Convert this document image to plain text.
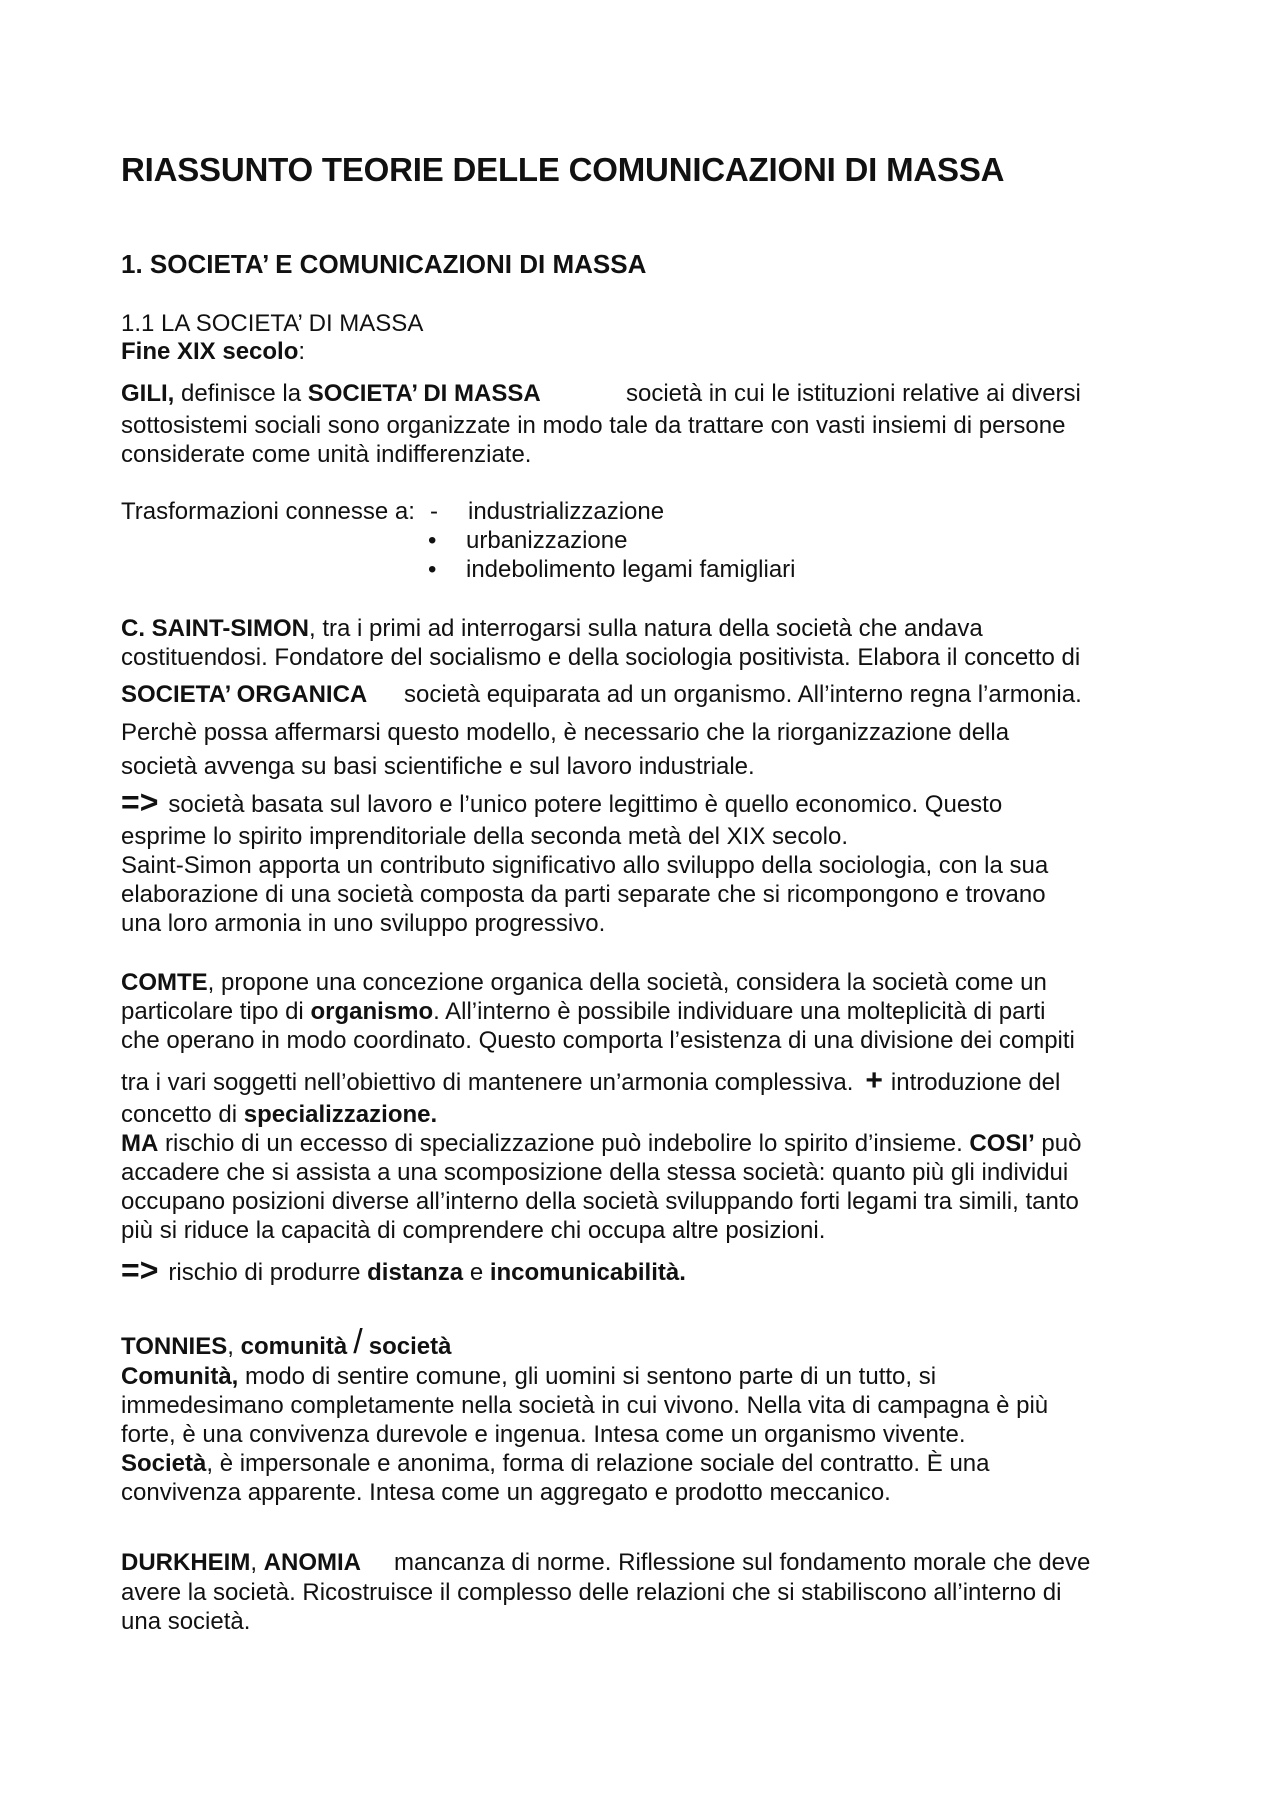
RIASSUNTO TEORIE DELLE COMUNICAZIONI DI MASSA
1. SOCIETA’ E COMUNICAZIONI DI MASSA
1.1 LA SOCIETA’ DI MASSA
Fine XIX secolo:
GILI, definisce la SOCIETA’ DI MASSA	società in cui le istituzioni relative ai diversi
sottosistemi sociali sono organizzate in modo tale da trattare con vasti insiemi di persone
considerate come unità indifferenziate.
Trasformazioni connesse a: - industrializzazione
• urbanizzazione
• indebolimento legami famigliari
C. SAINT-SIMON, tra i primi ad interrogarsi sulla natura della società che andava
costituendosi. Fondatore del socialismo e della sociologia positivista. Elabora il concetto di
SOCIETA’ ORGANICA società equiparata ad un organismo. All’interno regna l’armonia.
Perchè possa affermarsi questo modello, è necessario che la riorganizzazione della
società avvenga su basi scientifiche e sul lavoro industriale.
=> società basata sul lavoro e l’unico potere legittimo è quello economico. Questo
esprime lo spirito imprenditoriale della seconda metà del XIX secolo.
Saint-Simon apporta un contributo significativo allo sviluppo della sociologia, con la sua
elaborazione di una società composta da parti separate che si ricompongono e trovano
una loro armonia in uno sviluppo progressivo.
COMTE, propone una concezione organica della società, considera la società come un
particolare tipo di organismo. All’interno è possibile individuare una molteplicità di parti
che operano in modo coordinato. Questo comporta l’esistenza di una divisione dei compiti
tra i vari soggetti nell’obiettivo di mantenere un’armonia complessiva. + introduzione del
concetto di specializzazione.
MA rischio di un eccesso di specializzazione può indebolire lo spirito d’insieme. COSI’ può
accadere che si assista a una scomposizione della stessa società: quanto più gli individui
occupano posizioni diverse all’interno della società sviluppando forti legami tra simili, tanto
più si riduce la capacità di comprendere chi occupa altre posizioni.
=> rischio di produrre distanza e incomunicabilità.
TONNIES, comunità / società
Comunità, modo di sentire comune, gli uomini si sentono parte di un tutto, si
immedesimano completamente nella società in cui vivono. Nella vita di campagna è più
forte, è una convivenza durevole e ingenua. Intesa come un organismo vivente.
Società, è impersonale e anonima, forma di relazione sociale del contratto. È una
convivenza apparente. Intesa come un aggregato e prodotto meccanico.
DURKHEIM, ANOMIA mancanza di norme. Riflessione sul fondamento morale che deve
avere la società. Ricostruisce il complesso delle relazioni che si stabiliscono all’interno di
una società.
